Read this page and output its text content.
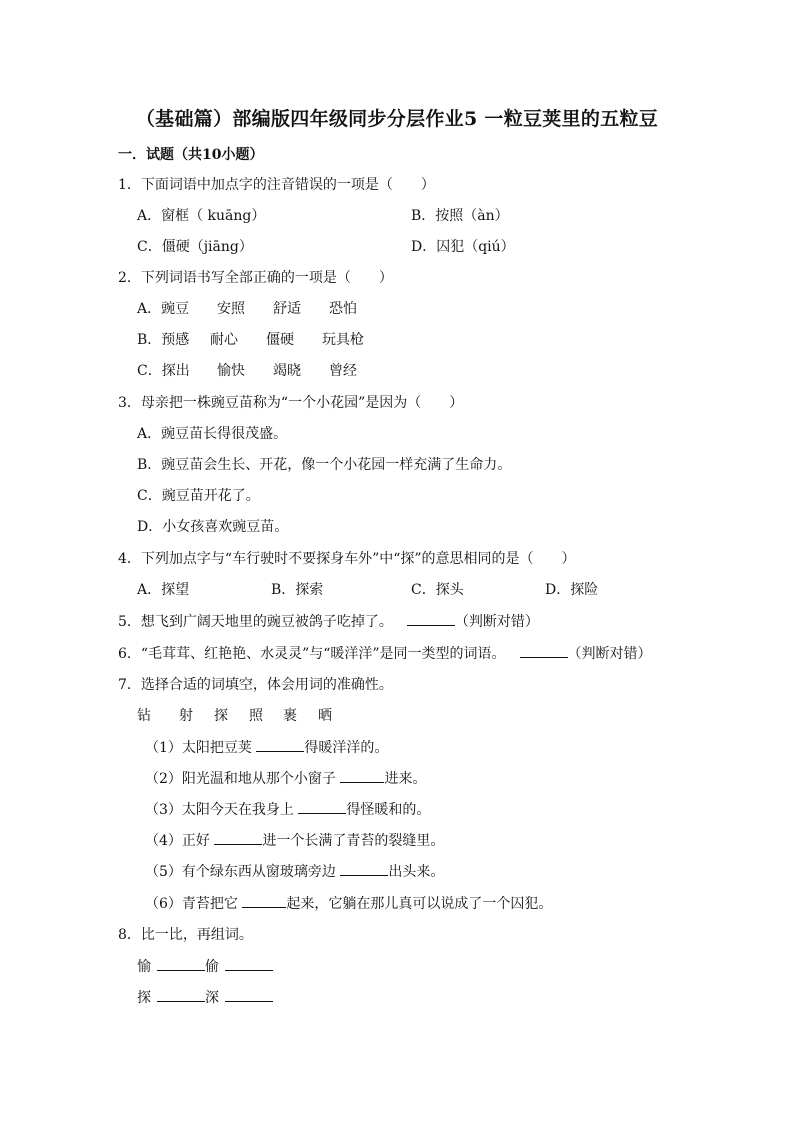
（基础篇）部编版四年级同步分层作业5 一粒豆荚里的五粒豆
一．试题（共10小题）
1．下面词语中加点字的注音错误的一项是（　　）
A．窗框（ kuāng）	B．按照（àn）
C．僵硬（jiāng）	D．囚犯（qiú）
2．下列词语书写全部正确的一项是（　　）
A．豌豆 安照 舒适 恐怕
B．预感 耐心 僵硬 玩具枪
C．探出 愉快 竭晓 曾经
3．母亲把一株豌豆苗称为“一个小花园”是因为（　　）
A．豌豆苗长得很茂盛。
B．豌豆苗会生长、开花，像一个小花园一样充满了生命力。
C．豌豆苗开花了。
D．小女孩喜欢豌豆苗。
4．下列加点字与“车行驶时不要探身车外”中“探”的意思相同的是（　　）
A．探望	B．探索	C．探头	D．探险
5．想飞到广阔天地里的豌豆被鸽子吃掉了。	（判断对错）
6．“毛茸茸、红艳艳、水灵灵”与“暖洋洋”是同一类型的词语。	（判断对错）
7．选择合适的词填空，体会用词的准确性。
钻 射 探 照 裹 晒
（1）太阳把豆荚	得暖洋洋的。
（2）阳光温和地从那个小窗子	进来。
（3）太阳今天在我身上	得怪暖和的。
（4）正好	进一个长满了青苔的裂缝里。
（5）有个绿东西从窗玻璃旁边	出头来。
（6）青苔把它	起来，它躺在那儿真可以说成了一个囚犯。
8．比一比，再组词。
愉	偷
探	深
